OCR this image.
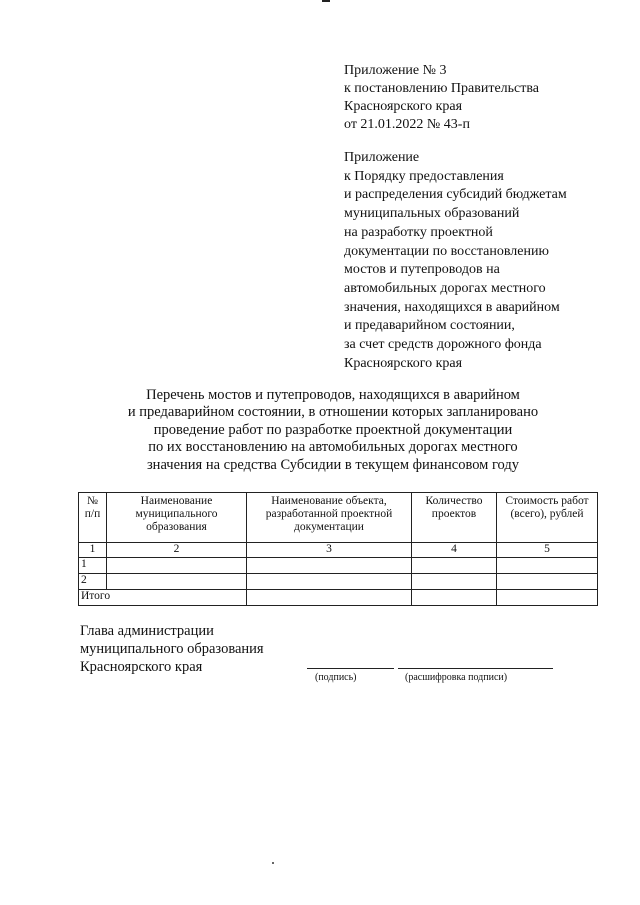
Приложение № 3
к постановлению Правительства
Красноярского края
от 21.01.2022 № 43-п
Приложение
к Порядку предоставления
и распределения субсидий бюджетам
муниципальных образований
на разработку проектной
документации по восстановлению
мостов и путепроводов на
автомобильных дорогах местного
значения, находящихся в аварийном
и предаварийном состоянии,
за счет средств дорожного фонда
Красноярского края
Перечень мостов и путепроводов, находящихся в аварийном
и предаварийном состоянии, в отношении которых запланировано
проведение работ по разработке проектной документации
по их восстановлению на автомобильных дорогах местного
значения на средства Субсидии в текущем финансовом году
№ п/п	Наименование муниципального образования	Наименование объекта, разработанной проектной документации	Количество проектов	Стоимость работ (всего), рублей
1	2	3	4	5
1				
2				
Итого				
Глава администрации
муниципального образования
Красноярского края
(подпись)	(расшифровка подписи)
